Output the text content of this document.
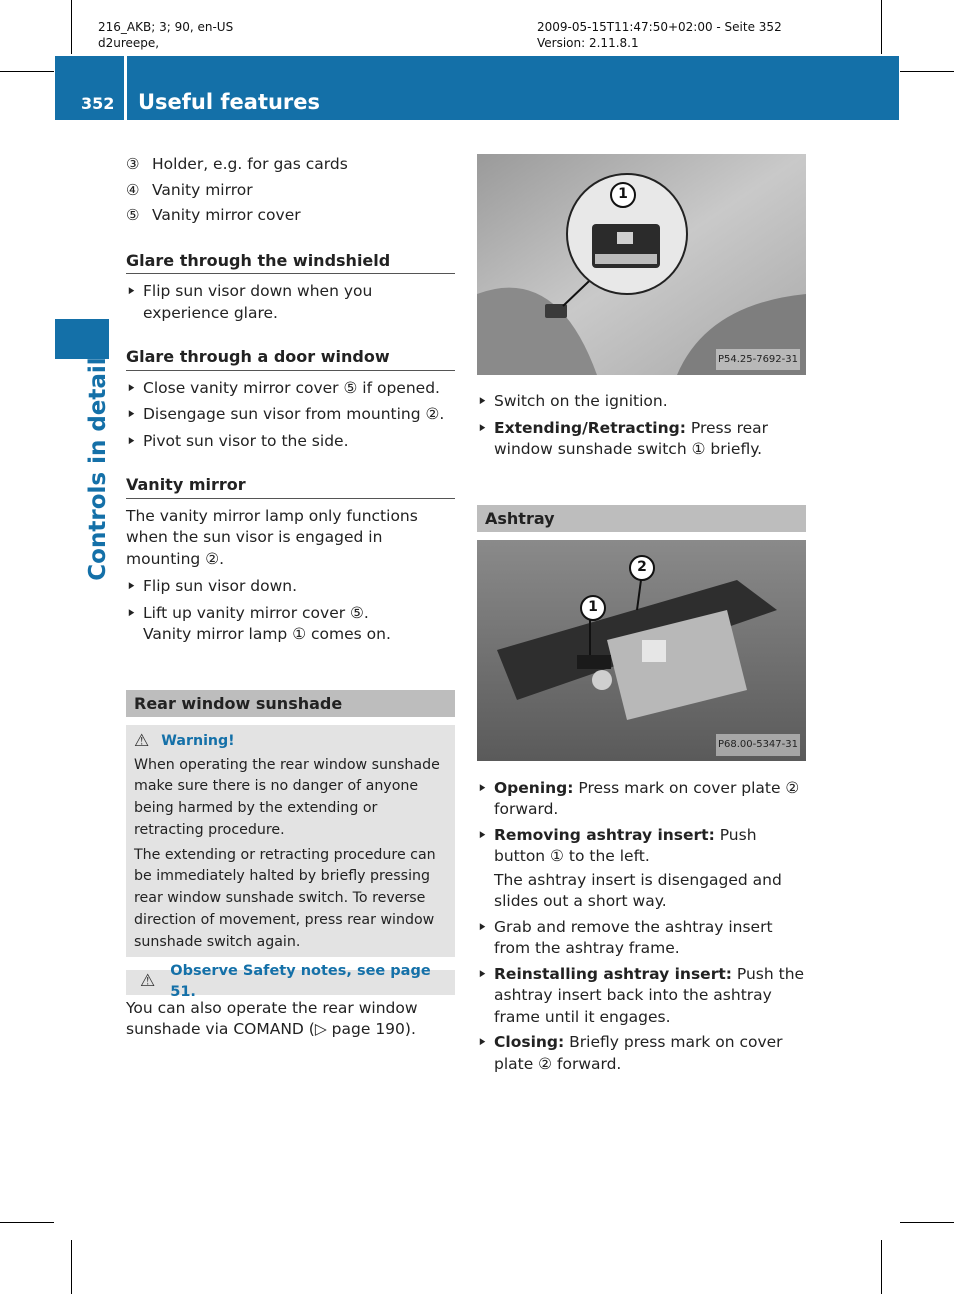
216_AKB; 3; 90, en-US
d2ureepe,
2009-05-15T11:47:50+02:00 - Seite 352
Version: 2.11.8.1
352 Useful features
Controls in detail
③ Holder, e.g. for gas cards
④ Vanity mirror
⑤ Vanity mirror cover
Glare through the windshield
▶ Flip sun visor down when you experience glare.
Glare through a door window
▶ Close vanity mirror cover ⑤ if opened.
▶ Disengage sun visor from mounting ②.
▶ Pivot sun visor to the side.
Vanity mirror

The vanity mirror lamp only functions when the sun visor is engaged in mounting ②.

▶ Flip sun visor down.
▶ Lift up vanity mirror cover ⑤.
Vanity mirror lamp ① comes on.
Rear window sunshade
⚠ Warning!

When operating the rear window sunshade make sure there is no danger of anyone being harmed by the extending or retracting procedure.

The extending or retracting procedure can be immediately halted by briefly pressing rear window sunshade switch. To reverse direction of movement, press rear window sunshade switch again.

⚠
Observe Safety notes, see page 51.

You can also operate the rear window sunshade via COMAND (▷ page 190).

1
P54.25-7692-31
▶ Switch on the ignition.
▶ Extending/Retracting: Press rear window sunshade switch ① briefly.
Ashtray
1
2
P68.00-5347-31
▶ Opening: Press mark on cover plate ② forward.
▶ Removing ashtray insert: Push button ① to the left.
The ashtray insert is disengaged and slides out a short way.
▶ Grab and remove the ashtray insert from the ashtray frame.
▶ Reinstalling ashtray insert: Push the ashtray insert back into the ashtray frame until it engages.
▶ Closing: Briefly press mark on cover plate ② forward.
